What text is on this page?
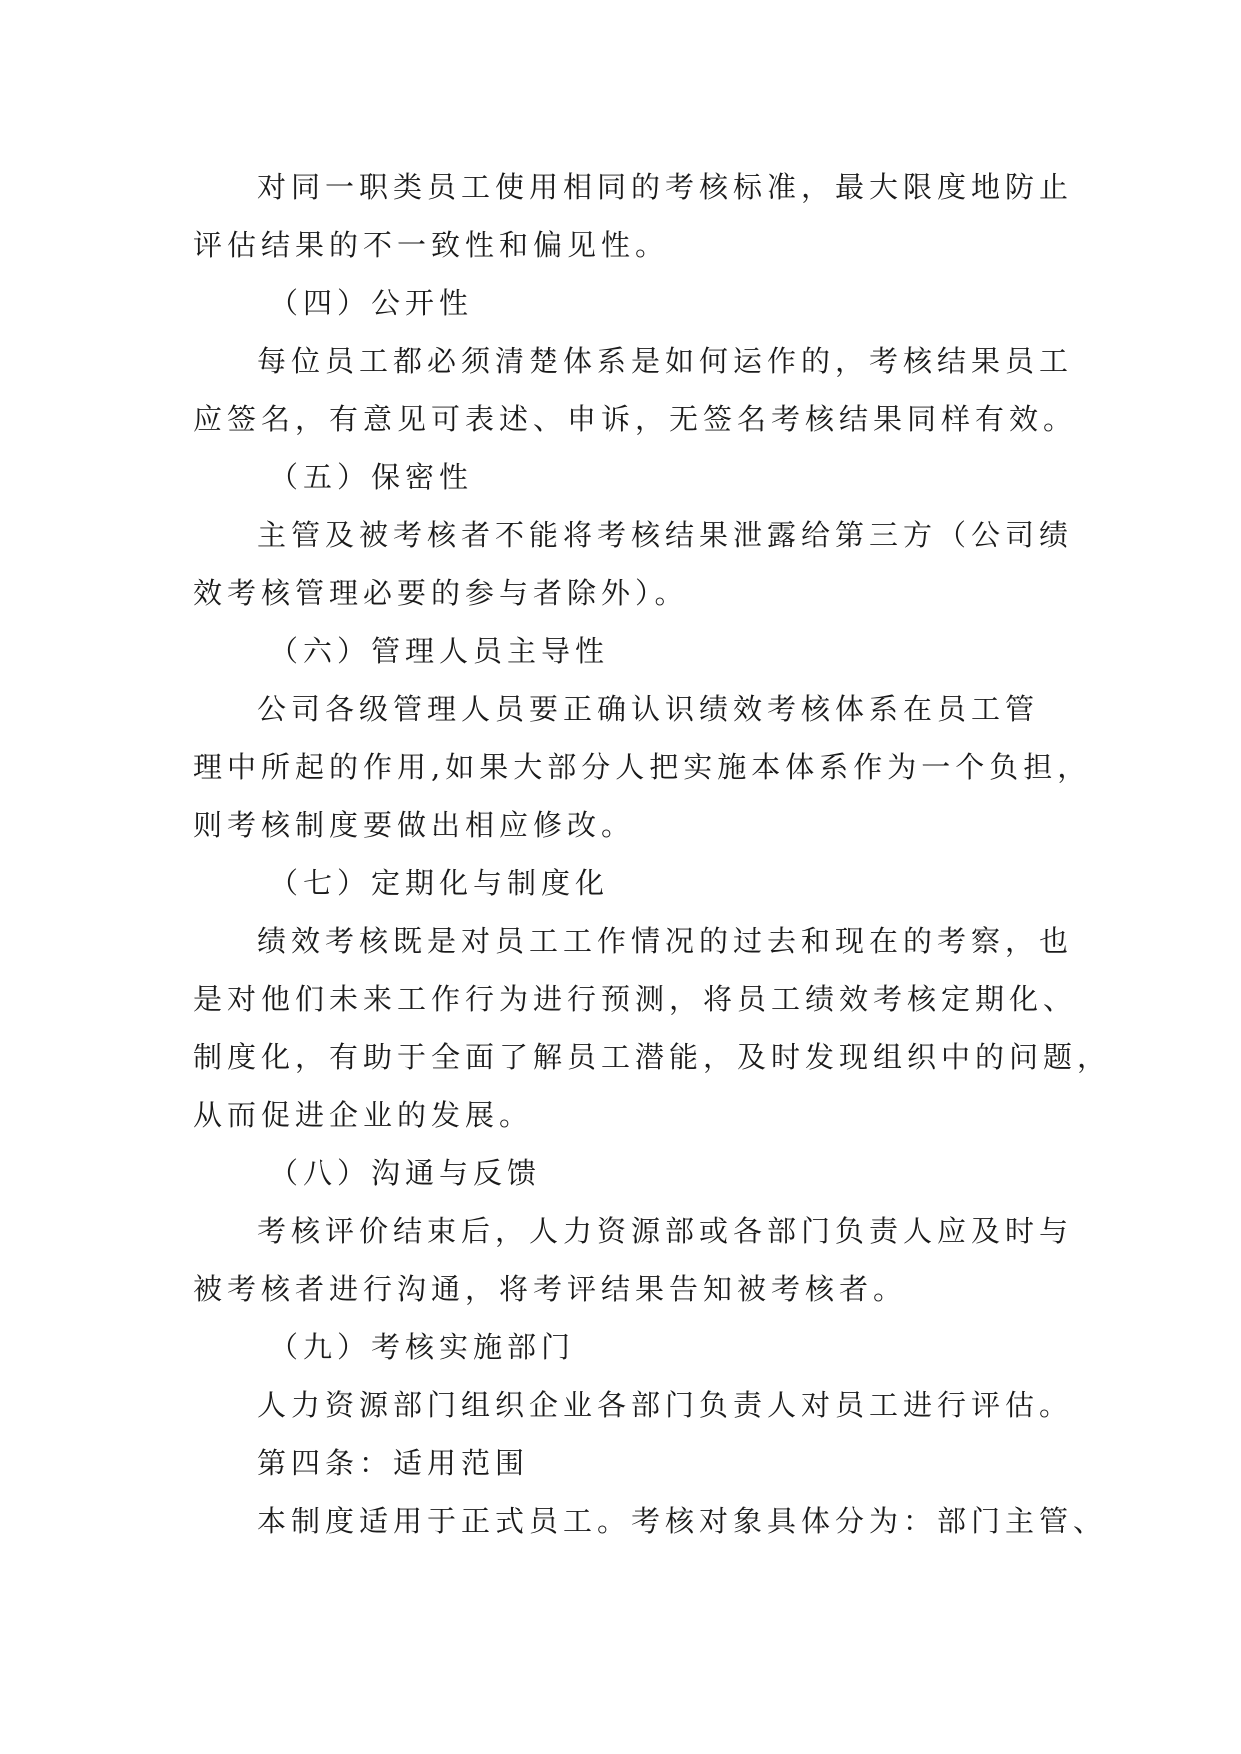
对同一职类员工使用相同的考核标准，最大限度地防止
评估结果的不一致性和偏见性。
（四）公开性
每位员工都必须清楚体系是如何运作的，考核结果员工
应签名，有意见可表述、申诉，无签名考核结果同样有效。
（五）保密性
主管及被考核者不能将考核结果泄露给第三方（公司绩
效考核管理必要的参与者除外）。
（六）管理人员主导性
公司各级管理人员要正确认识绩效考核体系在员工管
理中所起的作用,如果大部分人把实施本体系作为一个负担，
则考核制度要做出相应修改。
（七）定期化与制度化
绩效考核既是对员工工作情况的过去和现在的考察，也
是对他们未来工作行为进行预测，将员工绩效考核定期化、
制度化，有助于全面了解员工潜能，及时发现组织中的问题，
从而促进企业的发展。
（八）沟通与反馈
考核评价结束后，人力资源部或各部门负责人应及时与
被考核者进行沟通，将考评结果告知被考核者。
（九）考核实施部门
人力资源部门组织企业各部门负责人对员工进行评估。
第四条：适用范围
本制度适用于正式员工。考核对象具体分为：部门主管、
